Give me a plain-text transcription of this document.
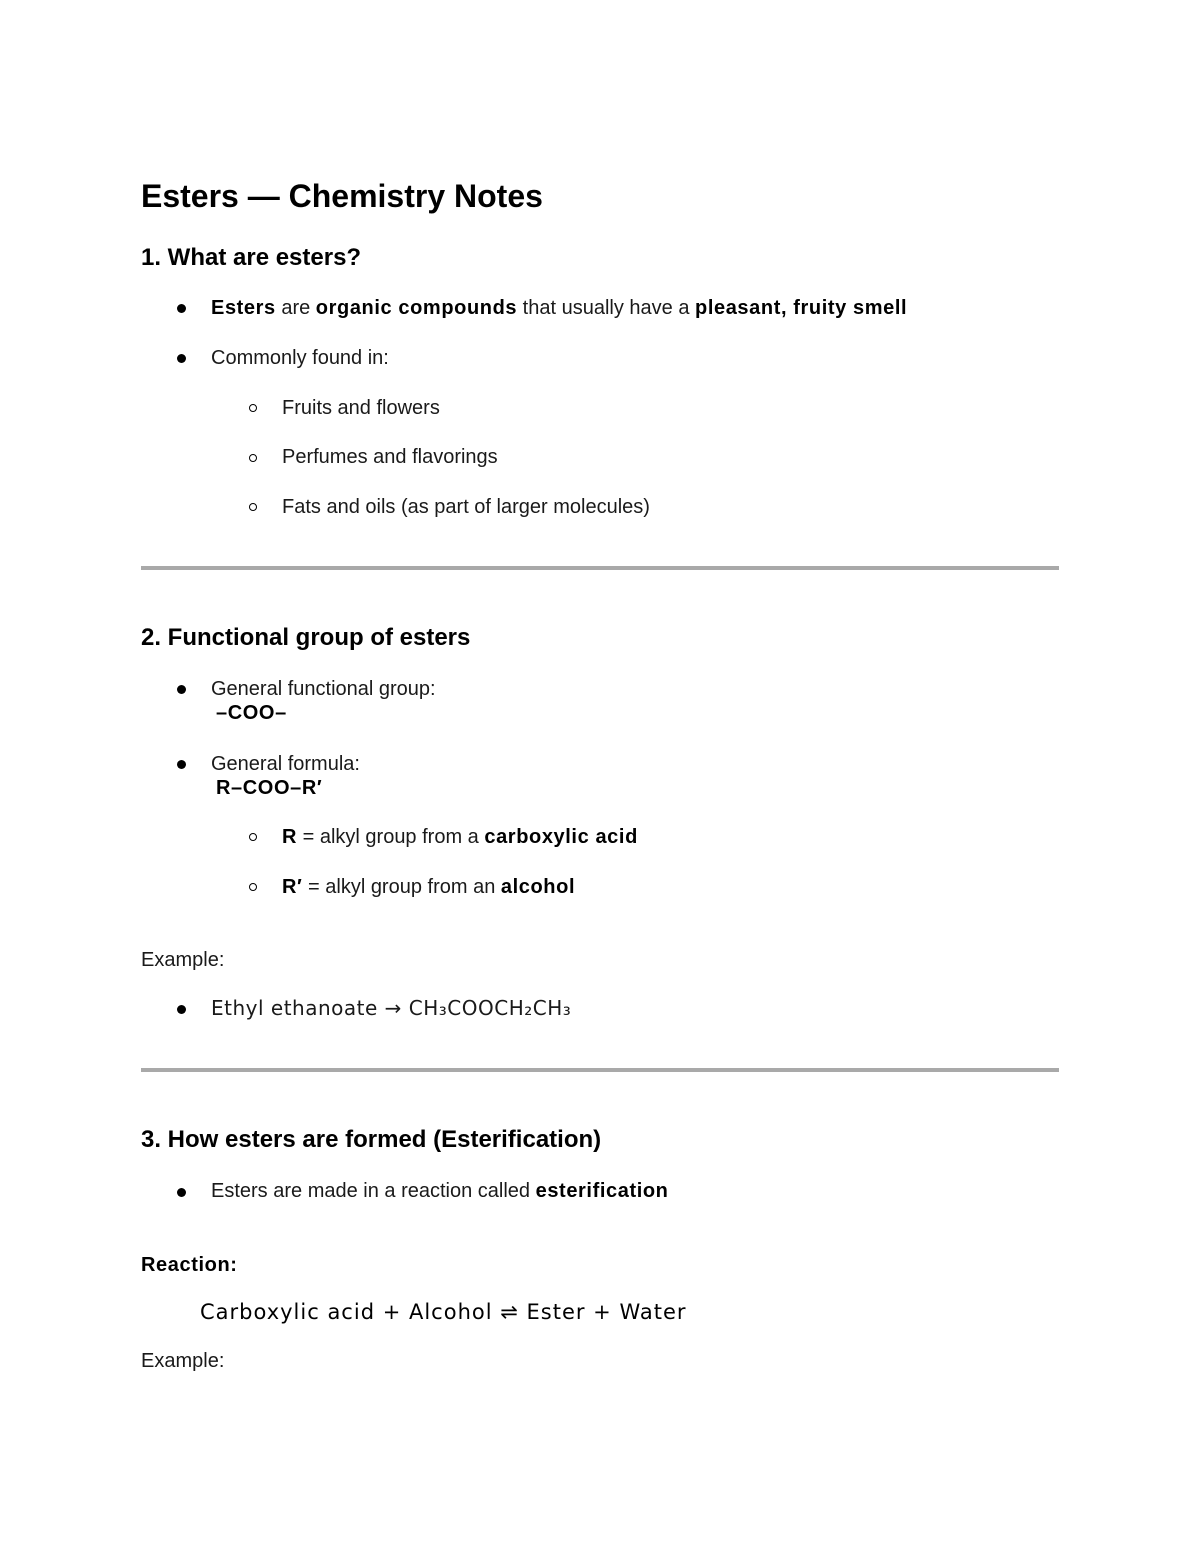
Esters — Chemistry Notes
1. What are esters?
Esters are organic compounds that usually have a pleasant, fruity smell
Commonly found in:
Fruits and flowers
Perfumes and flavorings
Fats and oils (as part of larger molecules)
2. Functional group of esters
General functional group:
–COO–
General formula:
R–COO–R′
R = alkyl group from a carboxylic acid
R′ = alkyl group from an alcohol
Example:
Ethyl ethanoate → CH₃COOCH₂CH₃
3. How esters are formed (Esterification)
Esters are made in a reaction called esterification
Reaction:
Carboxylic acid + Alcohol ⇌ Ester + Water
Example:
